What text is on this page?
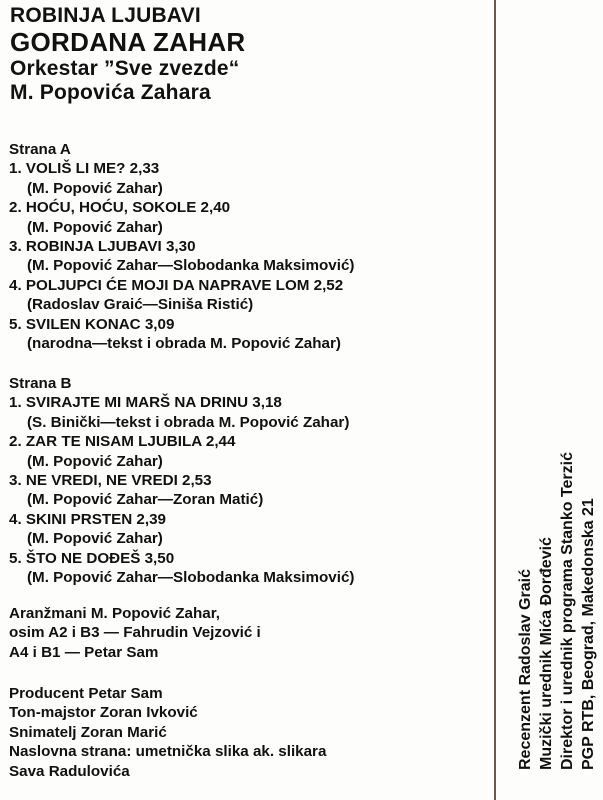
ROBINJA LJUBAVI
GORDANA ZAHAR
Orkestar ”Sve zvezde“
M. Popovića Zahara
Strana A
1. VOLIŠ LI ME? 2,33
(M. Popović Zahar)
2. HOĆU, HOĆU, SOKOLE 2,40
(M. Popović Zahar)
3. ROBINJA LJUBAVI 3,30
(M. Popović Zahar—Slobodanka Maksimović)
4. POLJUPCI ĆE MOJI DA NAPRAVE LOM 2,52
(Radoslav Graić—Siniša Ristić)
5. SVILEN KONAC 3,09
(narodna—tekst i obrada M. Popović Zahar)
Strana B
1. SVIRAJTE MI MARŠ NA DRINU 3,18
(S. Binički—tekst i obrada M. Popović Zahar)
2. ZAR TE NISAM LJUBILA 2,44
(M. Popović Zahar)
3. NE VREDI, NE VREDI 2,53
(M. Popović Zahar—Zoran Matić)
4. SKINI PRSTEN 2,39
(M. Popović Zahar)
5. ŠTO NE DOĐEŠ 3,50
(M. Popović Zahar—Slobodanka Maksimović)
Aranžmani M. Popović Zahar,
osim A2 i B3 — Fahrudin Vejzović i
A4 i B1 — Petar Sam
Producent Petar Sam
Ton-majstor Zoran Ivković
Snimatelj Zoran Marić
Naslovna strana: umetnička slika ak. slikara
Sava Radulovića
Recenzent Radoslav Graić Muzički urednik Mića Đorđević Direktor i urednik programa Stanko Terzić PGP RTB, Beograd, Makedonska 21
